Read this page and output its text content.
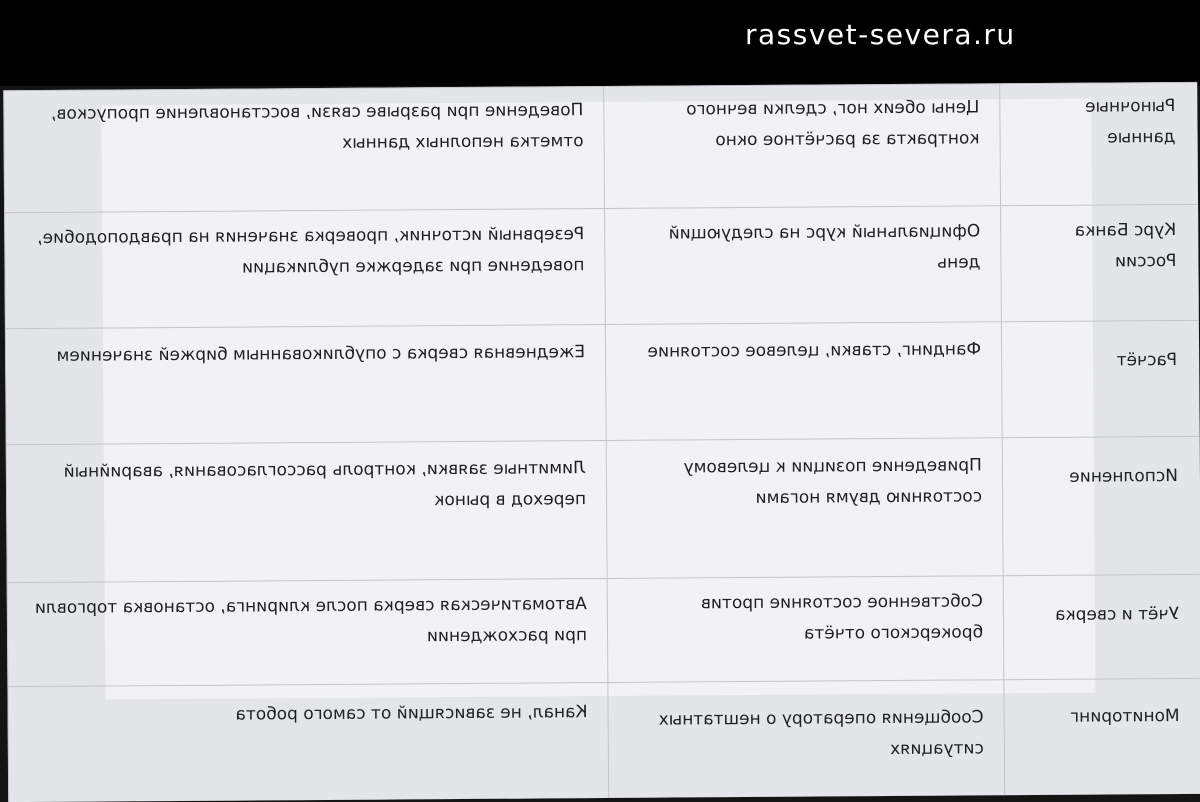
rassvet-severa.ru
Рыночные данные	Цены обеих ног, сделки вечного контракта за расчётное окно	Поведение при разрыве связи, восстановление пропусков, отметка неполных данных
Курс Банка России	Официальный курс на следующий день	Резервный источник, проверка значения на правдоподобие, поведение при задержке публикации
Расчёт	Фандинг, ставки, целевое состояние	Ежедневная сверка с опубликованным биржей значением
Исполнение	Приведение позиции к целевому состоянию двумя ногами	Лимитные заявки, контроль рассогласования, аварийный переход в рынок
Учёт и сверка	Собственное состояние против брокерского отчёта	Автоматическая сверка после клиринга, остановка торговли при расхождении
Мониторинг	Сообщения оператору о нештатных ситуациях	Канал, не зависящий от самого робота
